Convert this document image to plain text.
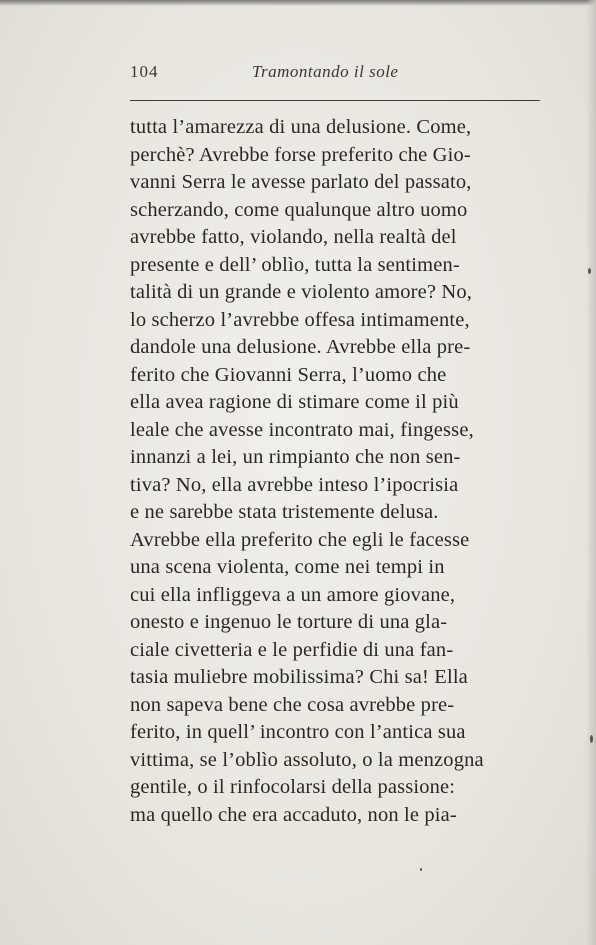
104	Tramontando il sole
tutta l’amarezza di una delusione. Come,
perchè? Avrebbe forse preferito che Gio-
vanni Serra le avesse parlato del passato,
scherzando, come qualunque altro uomo
avrebbe fatto, violando, nella realtà del
presente e dell’ oblìo, tutta la sentimen-
talità di un grande e violento amore? No,
lo scherzo l’avrebbe offesa intimamente,
dandole una delusione. Avrebbe ella pre-
ferito che Giovanni Serra, l’uomo che
ella avea ragione di stimare come il più
leale che avesse incontrato mai, fingesse,
innanzi a lei, un rimpianto che non sen-
tiva? No, ella avrebbe inteso l’ipocrisia
e ne sarebbe stata tristemente delusa.
Avrebbe ella preferito che egli le facesse
una scena violenta, come nei tempi in
cui ella infliggeva a un amore giovane,
onesto e ingenuo le torture di una gla-
ciale civetteria e le perfidie di una fan-
tasia muliebre mobilissima? Chi sa! Ella
non sapeva bene che cosa avrebbe pre-
ferito, in quell’ incontro con l’antica sua
vittima, se l’oblìo assoluto, o la menzogna
gentile, o il rinfocolarsi della passione:
ma quello che era accaduto, non le pia-
